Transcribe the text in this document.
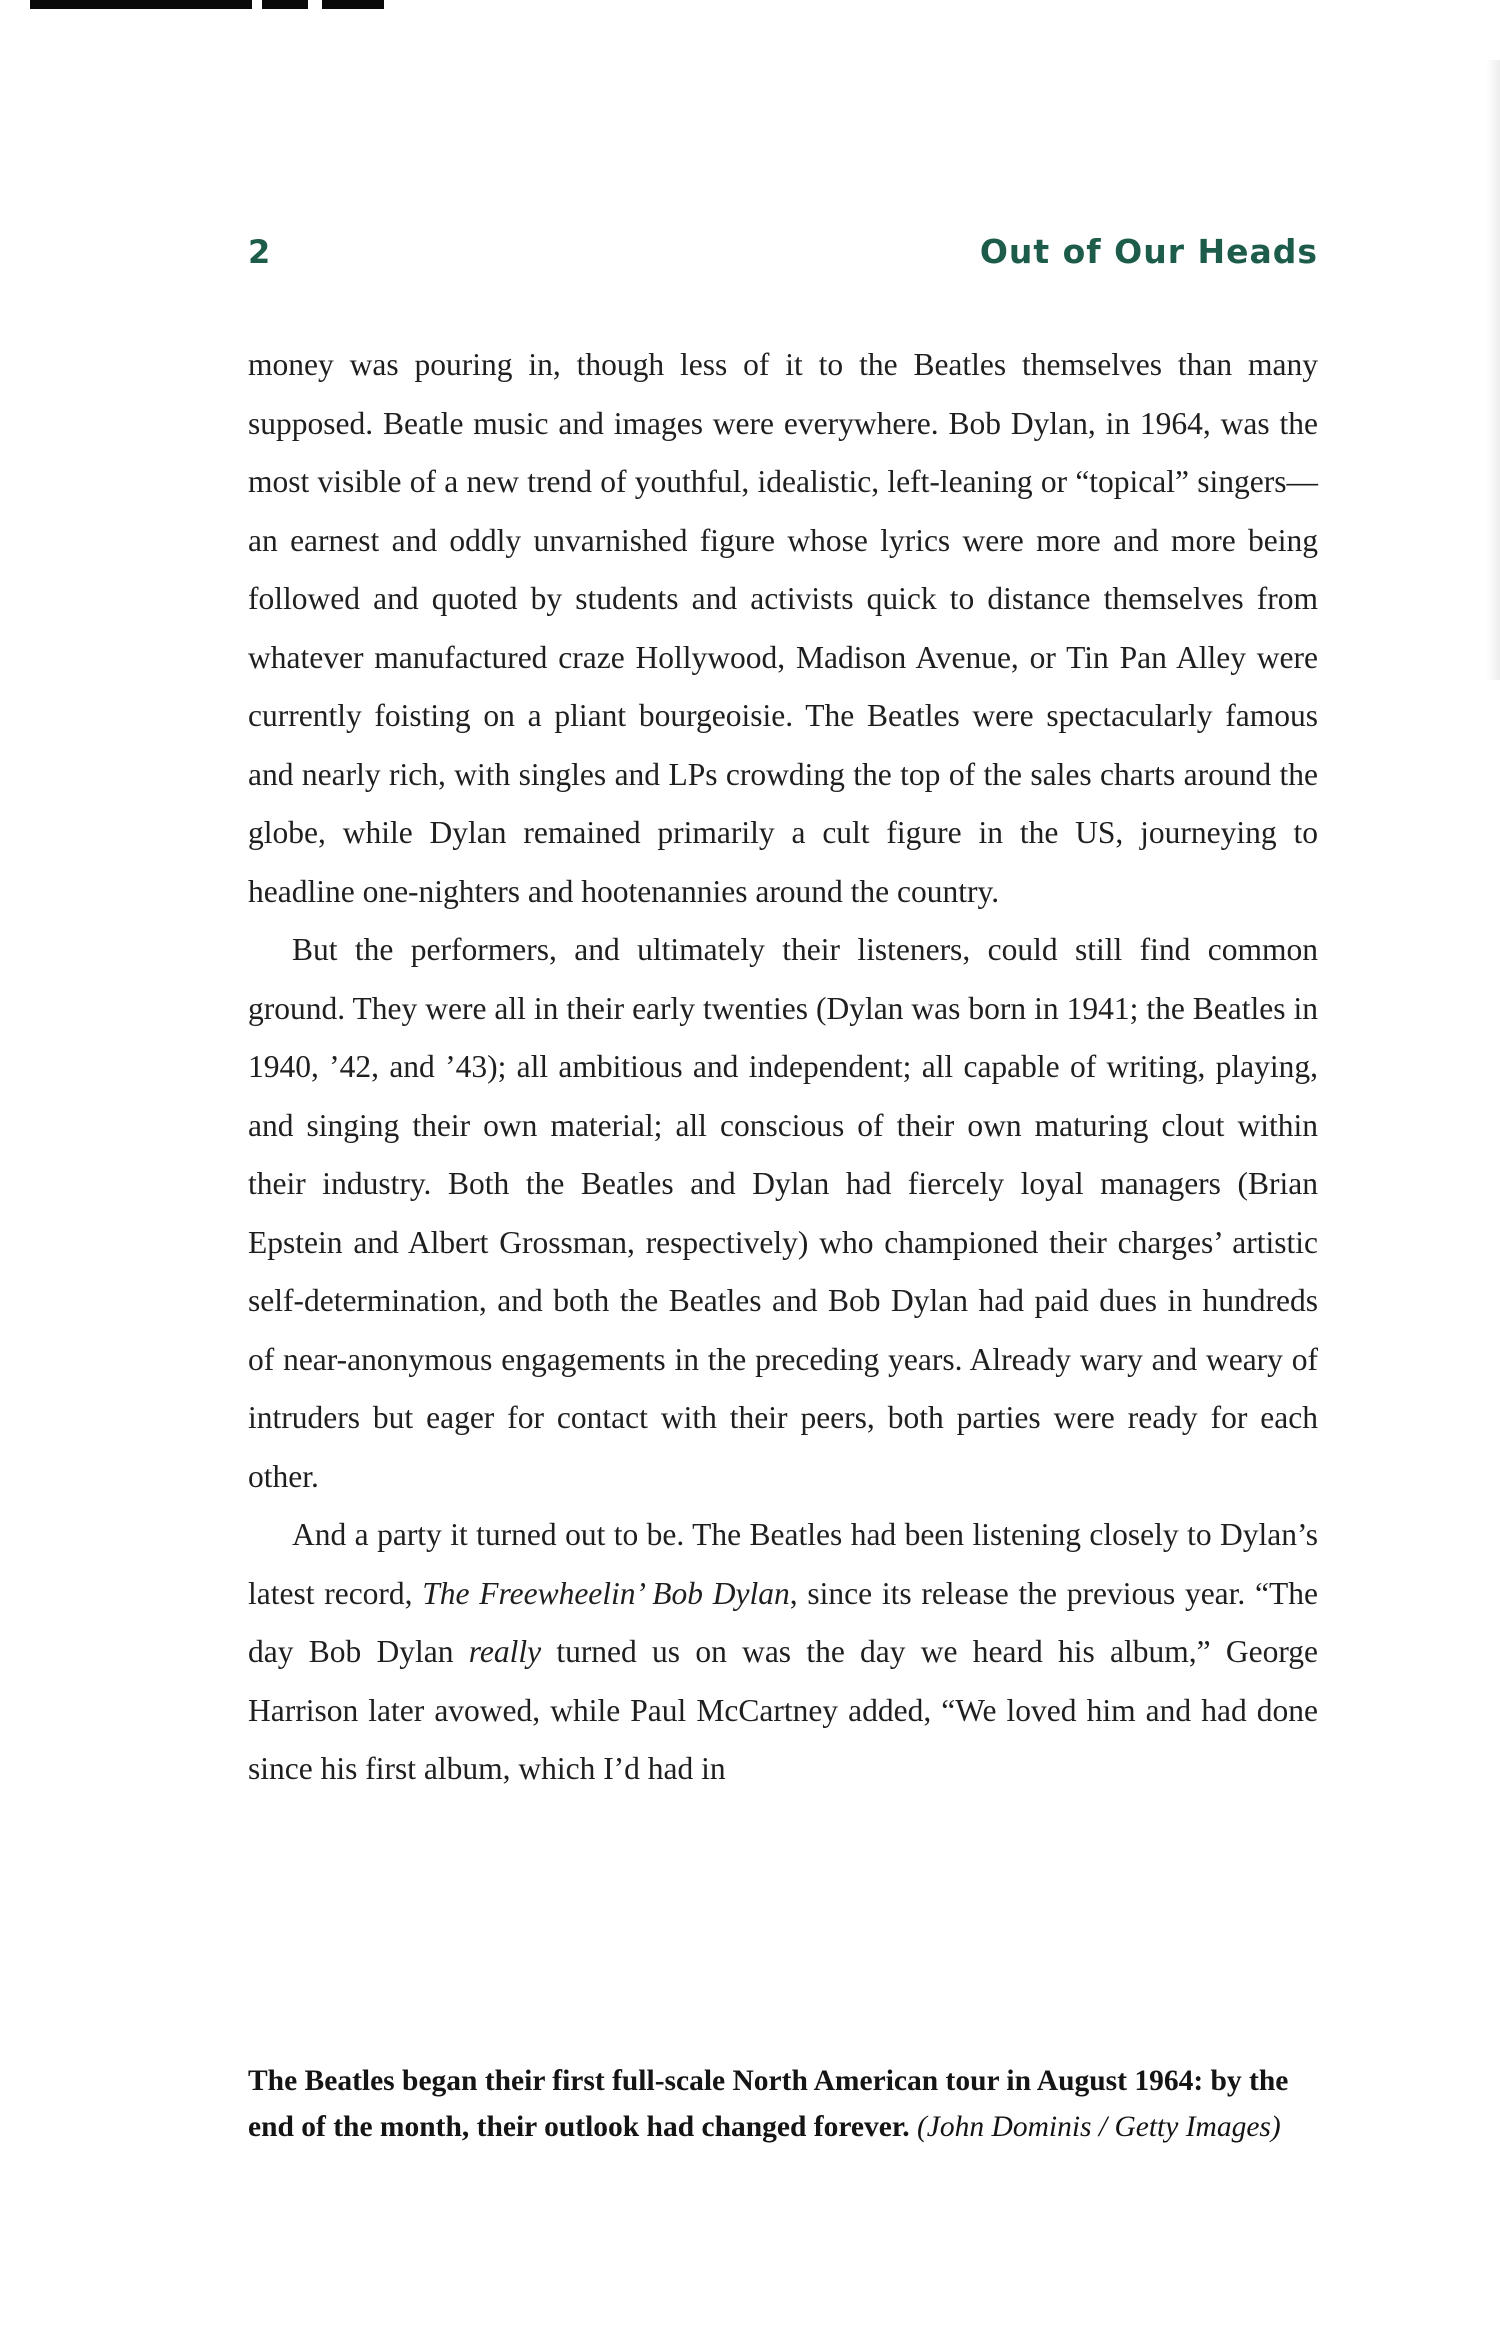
2	Out of Our Heads

money was pouring in, though less of it to the Beatles themselves than many supposed. Beatle music and images were everywhere. Bob Dylan, in 1964, was the most visible of a new trend of youthful, idealistic, left-leaning or “topical” singers—an earnest and oddly unvarnished figure whose lyrics were more and more being followed and quoted by students and activists quick to distance themselves from whatever manufactured craze Hollywood, Madison Avenue, or Tin Pan Alley were currently foisting on a pliant bourgeoisie. The Beatles were spectacularly famous and nearly rich, with singles and LPs crowding the top of the sales charts around the globe, while Dylan remained primarily a cult figure in the US, journeying to headline one-nighters and hootenannies around the country.

But the performers, and ultimately their listeners, could still find common ground. They were all in their early twenties (Dylan was born in 1941; the Beatles in 1940, ’42, and ’43); all ambitious and independent; all capable of writing, playing, and singing their own material; all conscious of their own maturing clout within their industry. Both the Beatles and Dylan had fiercely loyal managers (Brian Epstein and Albert Grossman, respectively) who championed their charges’ artistic self-determination, and both the Beatles and Bob Dylan had paid dues in hundreds of near-anonymous engagements in the preceding years. Already wary and weary of intruders but eager for contact with their peers, both parties were ready for each other.

And a party it turned out to be. The Beatles had been listening closely to Dylan’s latest record, The Freewheelin’ Bob Dylan, since its release the previous year. “The day Bob Dylan really turned us on was the day we heard his album,” George Harrison later avowed, while Paul McCartney added, “We loved him and had done since his first album, which I’d had in

The Beatles began their first full-scale North American tour in August 1964: by the end of the month, their outlook had changed forever. (John Dominis / Getty Images)
